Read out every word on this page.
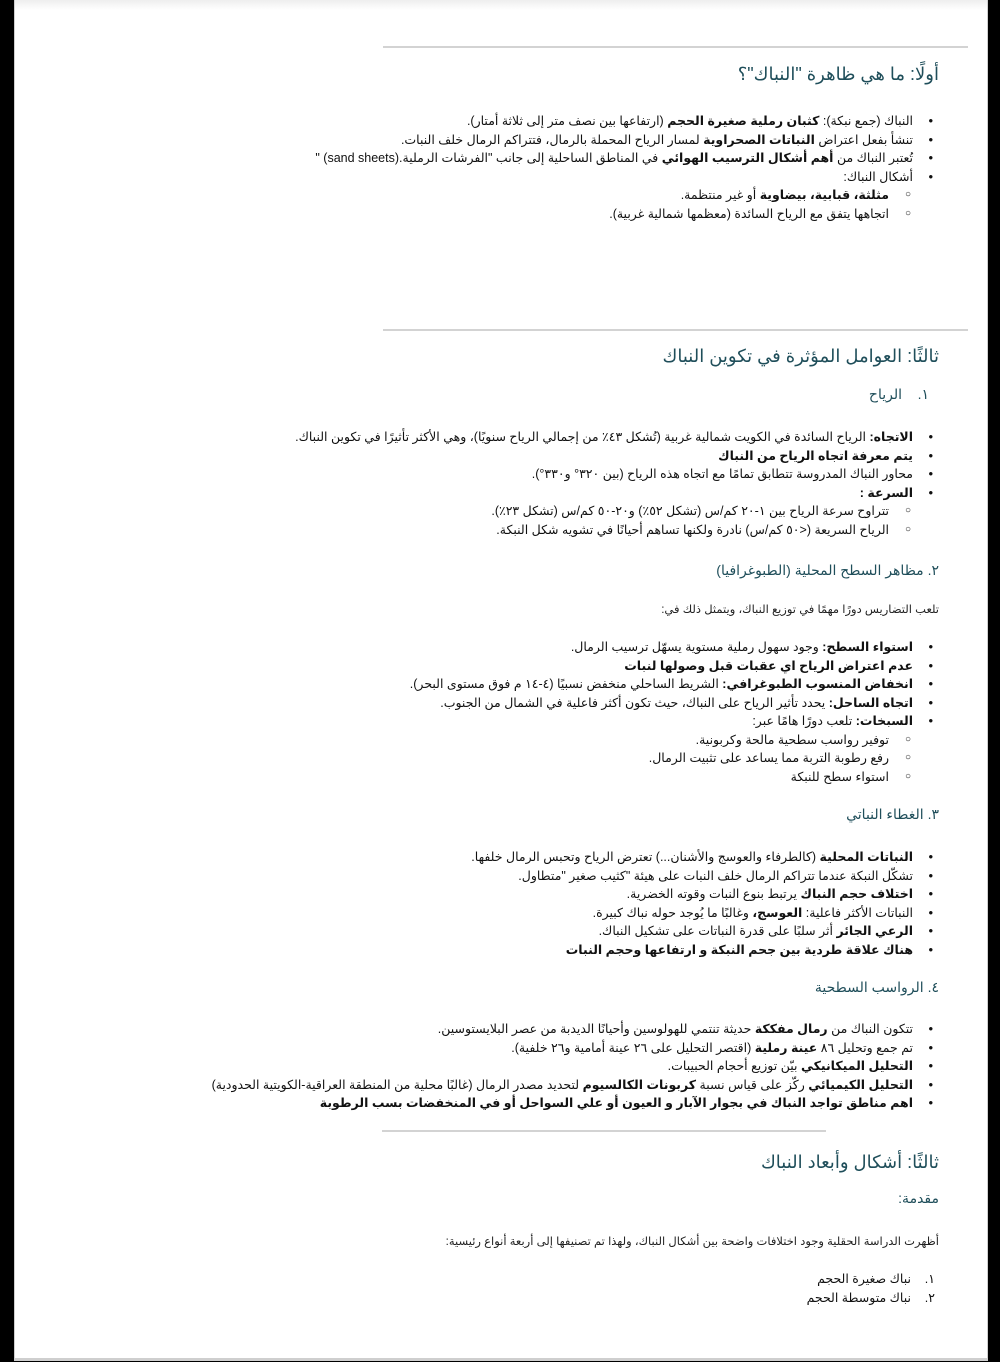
أولًا: ما هي ظاهرة "النباك"؟
• النباك (جمع نبكة): كثبان رملية صغيرة الحجم (ارتفاعها بين نصف متر إلى ثلاثة أمتار).
• تنشأ بفعل اعتراض النباتات الصحراوية لمسار الرياح المحملة بالرمال، فتتراكم الرمال خلف النبات.
• تُعتبر النباك من أهم أشكال الترسيب الهوائي في المناطق الساحلية إلى جانب "الفرشات الرملية.(sand sheets) "
• أشكال النباك:
○ مثلثة، قبابية، بيضاوية أو غير منتظمة.
○ اتجاهها يتفق مع الرياح السائدة (معظمها شمالية غربية).
ثالثًا: العوامل المؤثرة في تكوين النباك
١.    الرياح
• الاتجاه: الرياح السائدة في الكويت شمالية غربية (تُشكل ٤٣٪ من إجمالي الرياح سنويًا)، وهي الأكثر تأثيرًا في تكوين النباك.
• يتم معرفة اتجاه الرياح من النباك
• محاور النباك المدروسة تتطابق تمامًا مع اتجاه هذه الرياح (بين ٣٢٠° و٣٣٠°).
• السرعة :
○ تتراوح سرعة الرياح بين ١-٢٠ كم/س (تشكل ٥٢٪) و٢٠-٥٠ كم/س (تشكل ٢٣٪).
○ الرياح السريعة (<٥٠ كم/س) نادرة ولكنها تساهم أحيانًا في تشويه شكل النبكة.
٢. مظاهر السطح المحلية (الطبوغرافيا)
تلعب التضاريس دورًا مهمًا في توزيع النباك، ويتمثل ذلك في:
• استواء السطح: وجود سهول رملية مستوية يسهّل ترسيب الرمال.
• عدم اعتراض الرياح اي عقبات قبل وصولها لنبات
• انخفاض المنسوب الطبوغرافي: الشريط الساحلي منخفض نسبيًا (٤-١٤ م فوق مستوى البحر).
• اتجاه الساحل: يحدد تأثير الرياح على النباك، حيث تكون أكثر فاعلية في الشمال من الجنوب.
• السبخات: تلعب دورًا هامًا عبر:
○ توفير رواسب سطحية مالحة وكربونية.
○ رفع رطوبة التربة مما يساعد على تثبيت الرمال.
○ استواء سطح للنبكة
٣. الغطاء النباتي
• النباتات المحلية (كالطرفاء والعوسج والأشنان...) تعترض الرياح وتحبس الرمال خلفها.
• تشكّل النبكة عندما تتراكم الرمال خلف النبات على هيئة "كثيب صغير "متطاول.
• اختلاف حجم النباك يرتبط بنوع النبات وقوته الخضرية.
• النباتات الأكثر فاعلية: العوسج، وغالبًا ما يُوجد حوله نباك كبيرة.
• الرعي الجائر أثر سلبًا على قدرة النباتات على تشكيل النباك.
• هناك علاقة طردية بين جحم النبكة و ارتفاعها وحجم النبات
٤. الرواسب السطحية
• تتكون النباك من رمال مفككة حديثة تنتمي للهولوسين وأحيانًا الديدبة من عصر البلايستوسين.
• تم جمع وتحليل ٨٦ عينة رملية (اقتصر التحليل على ٢٦ عينة أمامية و٢٦ خلفية).
• التحليل الميكانيكي بيّن توزيع أحجام الحبيبات.
• التحليل الكيميائي ركّز على قياس نسبة كربونات الكالسيوم لتحديد مصدر الرمال (غالبًا محلية من المنطقة العراقية-الكويتية الحدودية)
• اهم مناطق تواجد النباك في بجوار الآبار و العيون أو علي السواحل أو في المنخفضات بسب الرطوبة
ثالثًا: أشكال وأبعاد النباك
مقدمة:
أظهرت الدراسة الحقلية وجود اختلافات واضحة بين أشكال النباك، ولهذا تم تصنيفها إلى أربعة أنواع رئيسية:
١.
نباك صغيرة الحجم
٢.
نباك متوسطة الحجم
